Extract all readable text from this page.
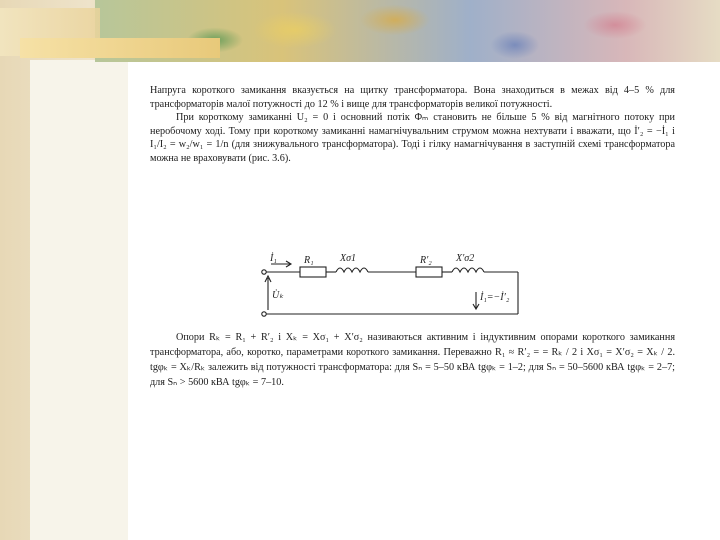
Напруга короткого замикання вказується на щитку трансформатора. Вона знаходиться в межах від 4–5 % для трансформаторів малої потужності до 12 % і вище для трансформаторів великої потужності.

При короткому замиканні U₂ = 0 і основний потік Φₘ становить не більше 5 % від магнітного потоку при неробочому ході. Тому при короткому замиканні намагнічувальним струмом можна нехтувати і вважати, що İ′₂ = −İ₁ і I₁/I₂ = w₂/w₁ = 1/n (для знижувального трансформатора). Тоді і гілку намагнічування в заступній схемі трансформатора можна не враховувати (рис. 3.6).

İ₁	R₁	Xσ1	R′₂ X′σ2
U̇ₖ	İ₁=−İ′₂

Опори Rₖ = R₁ + R′₂ і Xₖ = Xσ₁ + X′σ₂ називаються активним і індуктивним опорами короткого замикання трансформатора, або, коротко, параметрами короткого замикання. Переважно R₁ ≈ R′₂ = = Rₖ / 2 і Xσ₁ = X′σ₂ = Xₖ / 2. tgφₖ = Xₖ/Rₖ залежить від потужності трансформатора: для Sₙ = 5–50 кВА tgφₖ = 1–2; для Sₙ = 50–5600 кВА tgφₖ = 2–7; для Sₙ > 5600 кВА tgφₖ = 7–10.
